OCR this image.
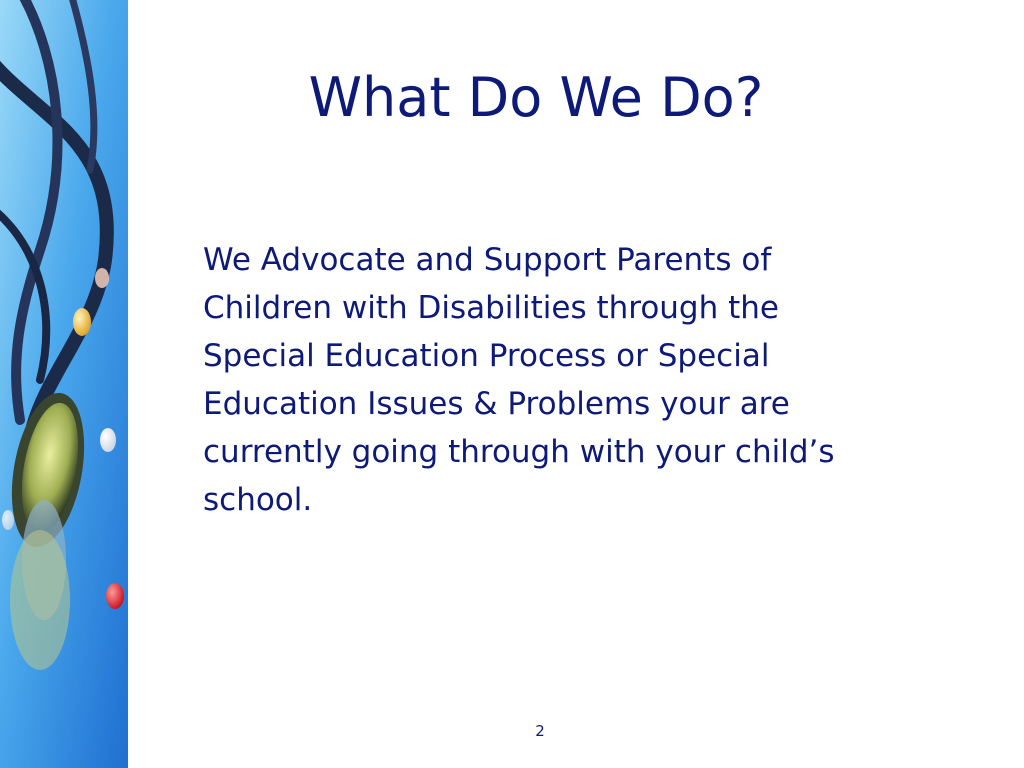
What Do We Do?
We Advocate and Support Parents of
Children with Disabilities through the
Special Education Process or Special
Education Issues & Problems your are
currently going through with your child’s
school.
2
